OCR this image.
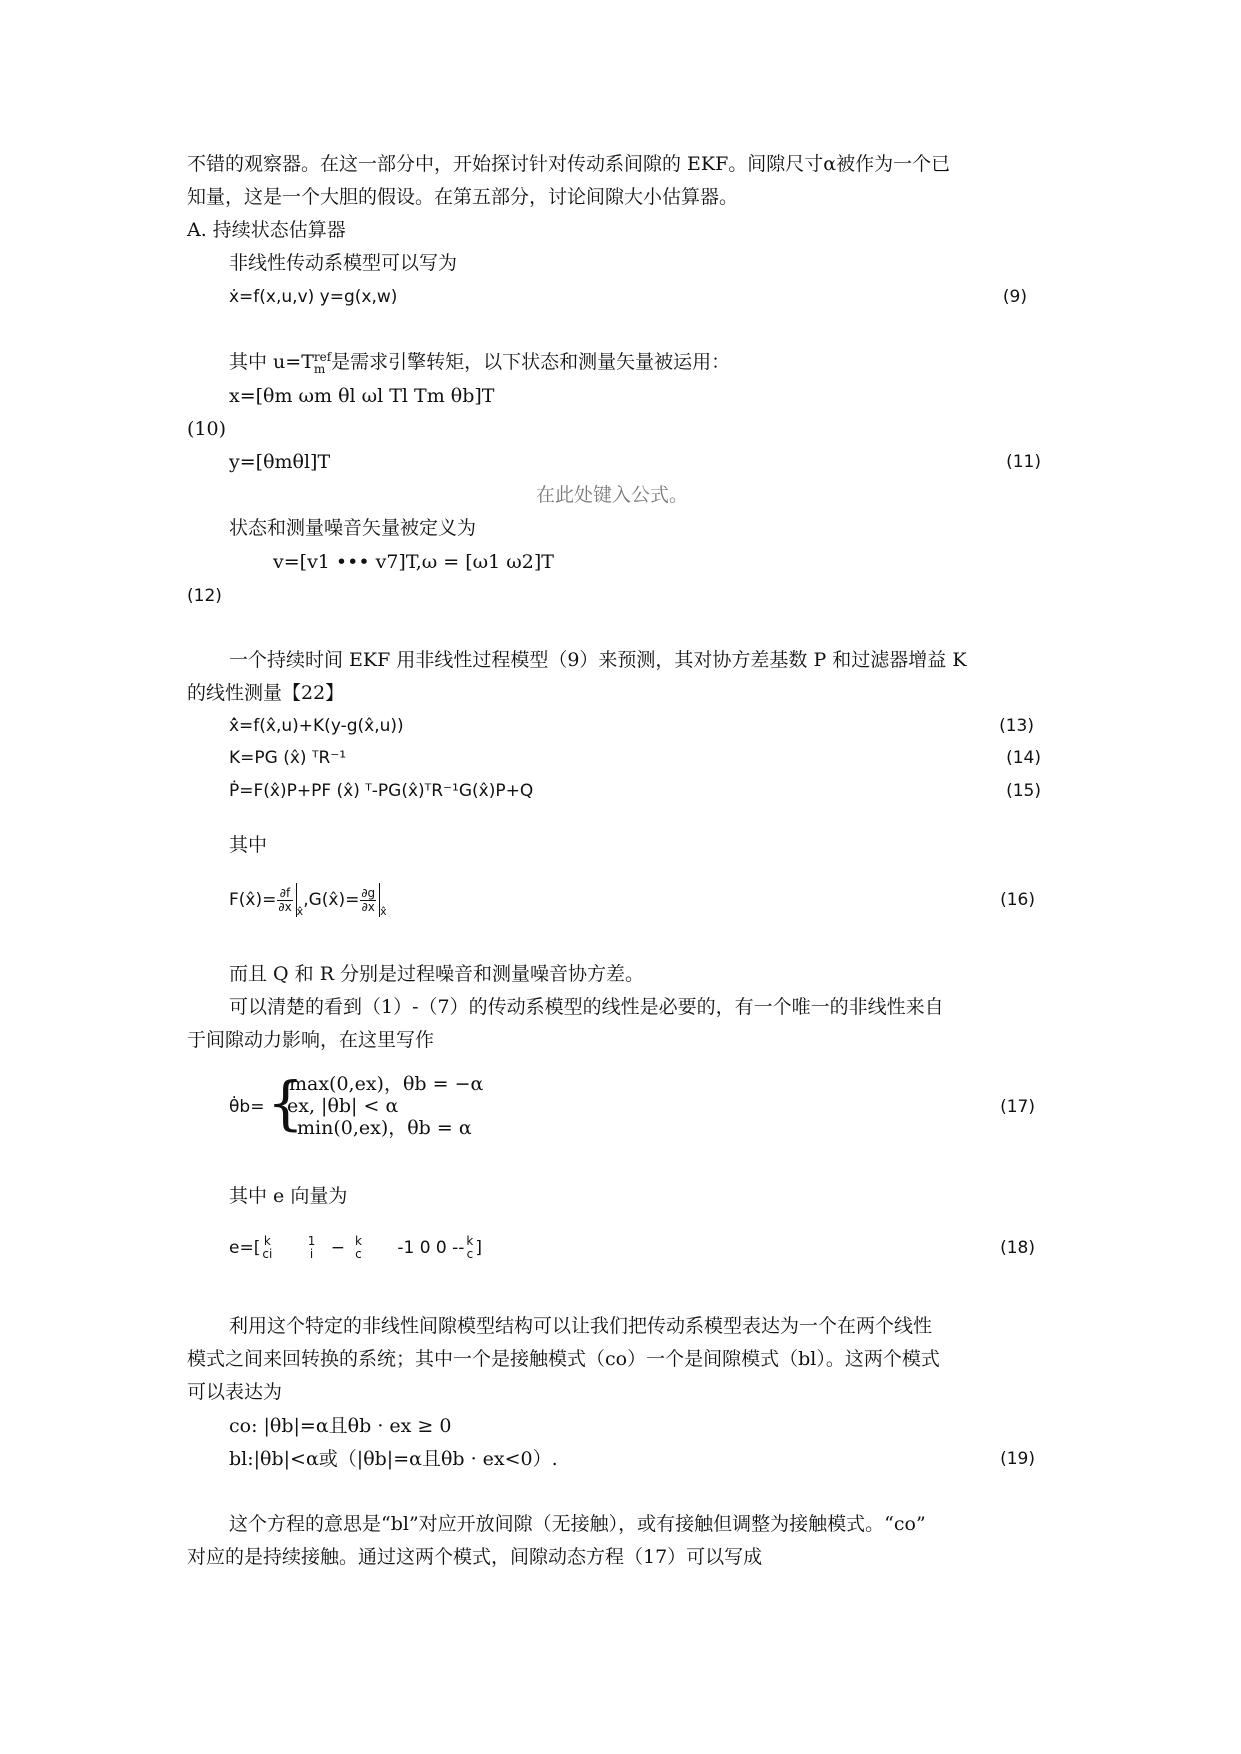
不错的观察器。在这一部分中，开始探讨针对传动系间隙的 EKF。间隙尺寸α被作为一个已
知量，这是一个大胆的假设。在第五部分，讨论间隙大小估算器。
A. 持续状态估算器
非线性传动系模型可以写为
ẋ=f(x,u,v) y=g(x,w)	(9)
其中 u=T ref
m 是需求引擎转矩，以下状态和测量矢量被运用：
x=[θm ωm θl ωl Tl Tm θb]T
(10)
y=[θmθl]T	(11)
在此处键入公式。
状态和测量噪音矢量被定义为
v=[v1 ••• v7]T,ω = [ω1 ω2]T
(12)
一个持续时间 EKF 用非线性过程模型（9）来预测，其对协方差基数 P 和过滤器增益 K
的线性测量【22】
x̂̇=f(x̂,u)+K(y-g(x̂,u))	(13)
K=PG (x̂) ᵀR⁻¹	(14)
Ṗ=F(x̂)P+PF (x̂) ᵀ-PG(x̂)ᵀR⁻¹G(x̂)P+Q	(15)
其中
F(x̂)= $\frac{\partial f}{\partial x}$ $_{x̂}$,G(x̂)= $\frac{\partial g}{\partial x} _{x̂}$
(16)
而且 Q 和 R 分别是过程噪音和测量噪音协方差。
可以清楚的看到（1）-（7）的传动系模型的线性是必要的，有一个唯一的非线性来自
于间隙动力影响，在这里写作
θ̇b= {
max(0,ex)，θb = −α
ex, |θb| < α
min(0,ex)，θb = α
(17)
其中 e 向量为
e=[ k
ci

1
i − k
c -1 0 0 -- k
c ]	(18)
利用这个特定的非线性间隙模型结构可以让我们把传动系模型表达为一个在两个线性
模式之间来回转换的系统；其中一个是接触模式（co）一个是间隙模式（bl）。这两个模式
可以表达为
co: |θb|=α且θb · ex ≥ 0
bl:|θb|<α或（|θb|=α且θb · ex<0）.	(19)
这个方程的意思是“bl”对应开放间隙（无接触），或有接触但调整为接触模式。“co”
对应的是持续接触。通过这两个模式，间隙动态方程（17）可以写成
